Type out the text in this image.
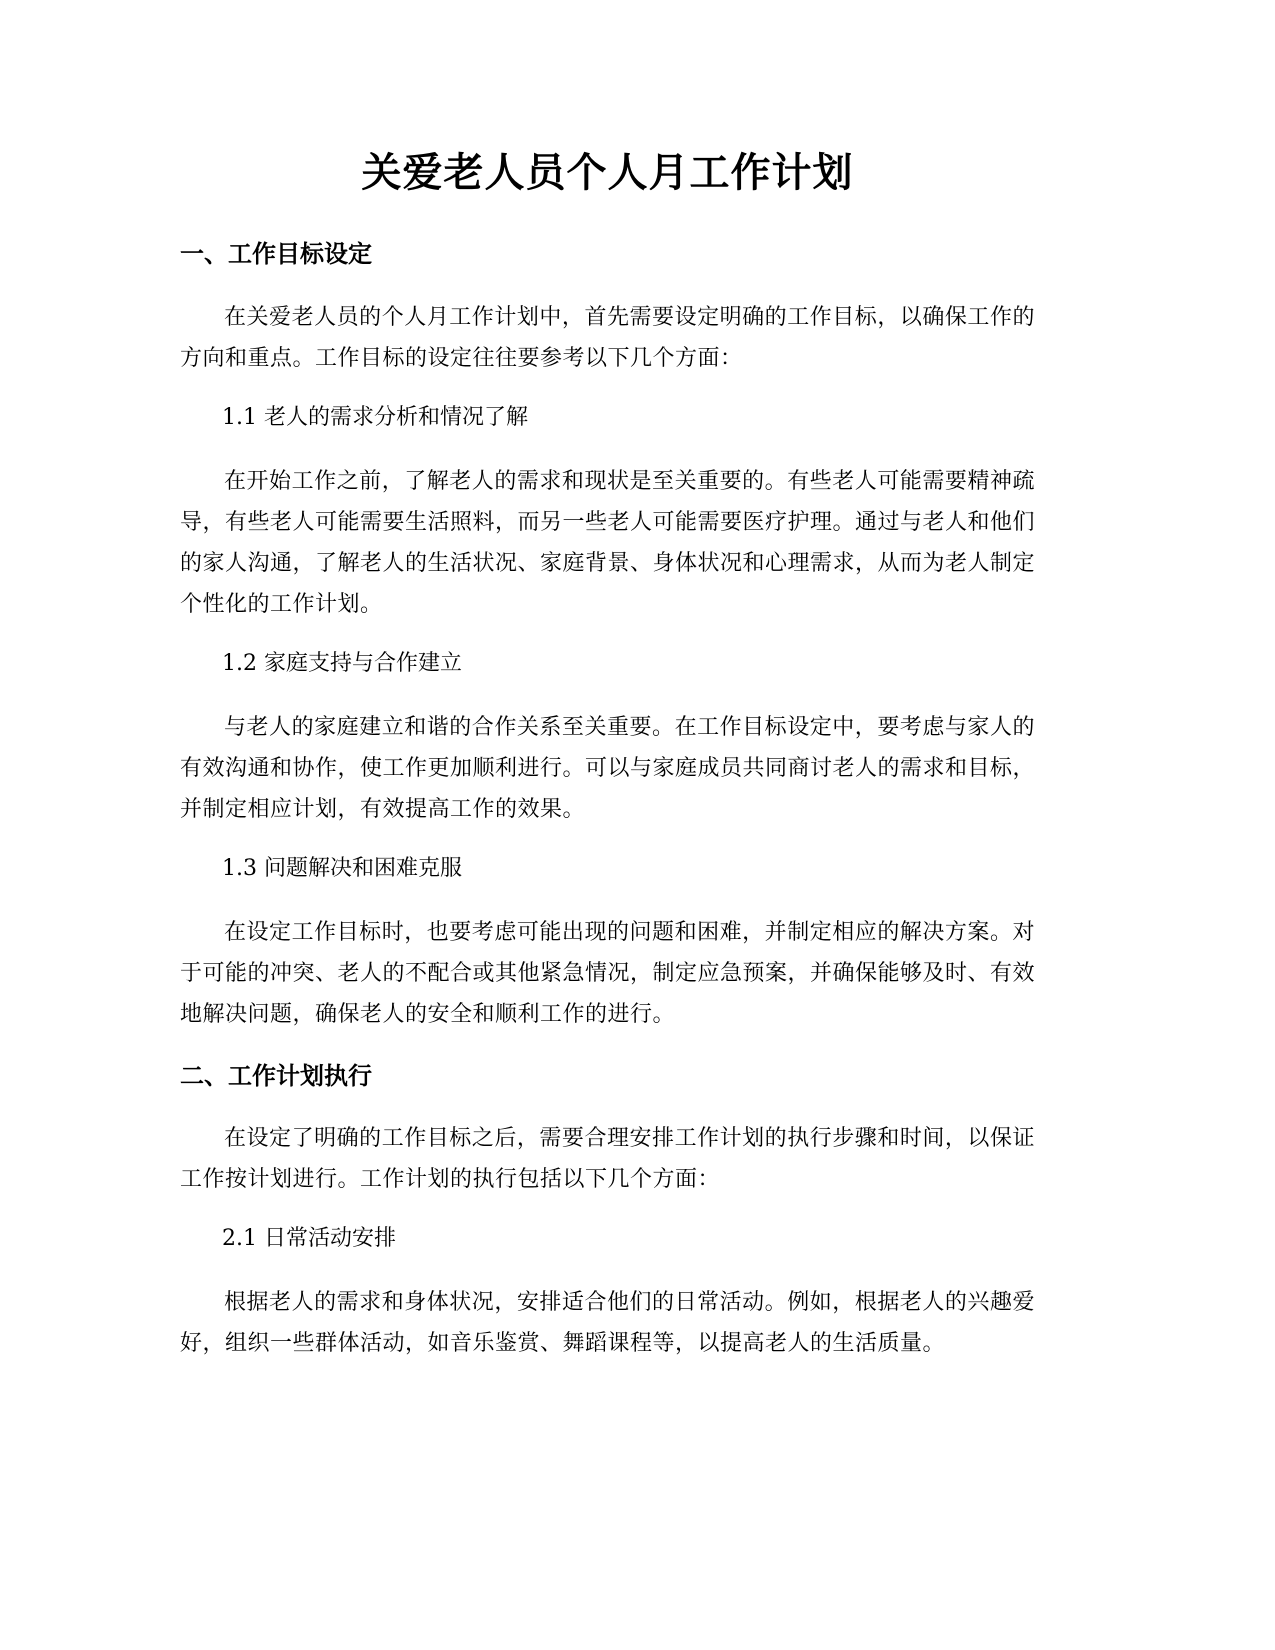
关爱老人员个人月工作计划
一、工作目标设定

在关爱老人员的个人月工作计划中，首先需要设定明确的工作目标，以确保工作的方向和重点。工作目标的设定往往要参考以下几个方面：

1.1 老人的需求分析和情况了解

在开始工作之前，了解老人的需求和现状是至关重要的。有些老人可能需要精神疏导，有些老人可能需要生活照料，而另一些老人可能需要医疗护理。通过与老人和他们的家人沟通，了解老人的生活状况、家庭背景、身体状况和心理需求，从而为老人制定个性化的工作计划。

1.2 家庭支持与合作建立

与老人的家庭建立和谐的合作关系至关重要。在工作目标设定中，要考虑与家人的有效沟通和协作，使工作更加顺利进行。可以与家庭成员共同商讨老人的需求和目标，并制定相应计划，有效提高工作的效果。

1.3 问题解决和困难克服

在设定工作目标时，也要考虑可能出现的问题和困难，并制定相应的解决方案。对于可能的冲突、老人的不配合或其他紧急情况，制定应急预案，并确保能够及时、有效地解决问题，确保老人的安全和顺利工作的进行。

二、工作计划执行

在设定了明确的工作目标之后，需要合理安排工作计划的执行步骤和时间，以保证工作按计划进行。工作计划的执行包括以下几个方面：

2.1 日常活动安排

根据老人的需求和身体状况，安排适合他们的日常活动。例如，根据老人的兴趣爱好，组织一些群体活动，如音乐鉴赏、舞蹈课程等，以提高老人的生活质量。
